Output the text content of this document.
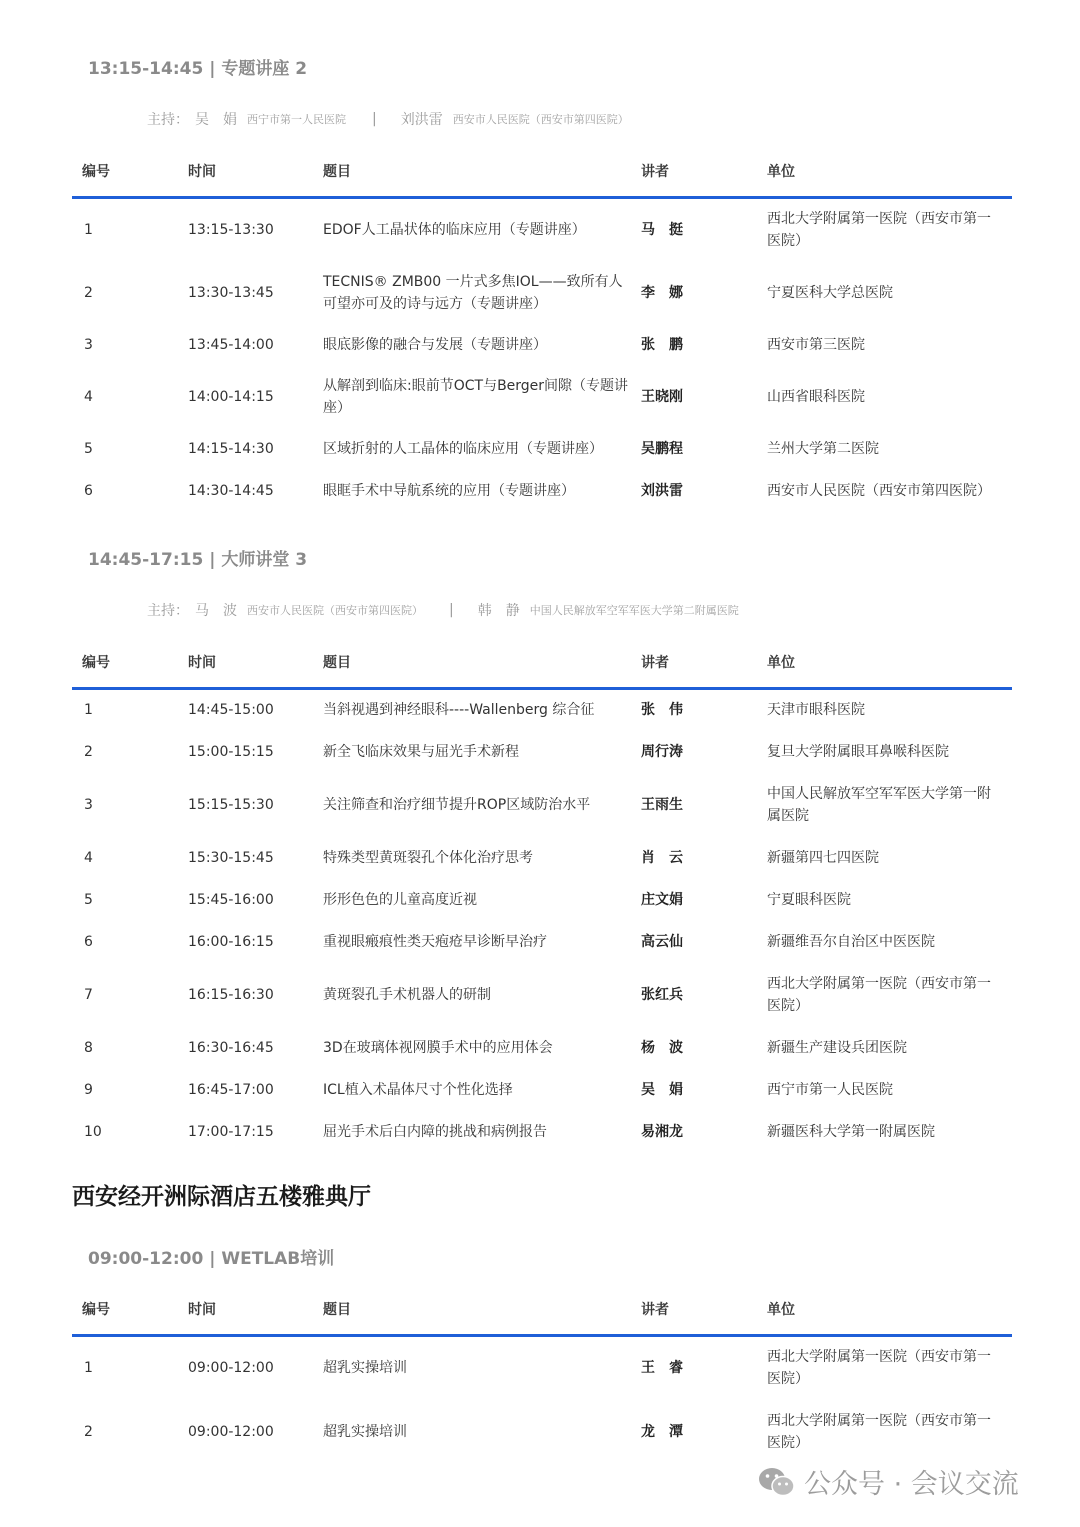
13:15-14:45 | 专题讲座 2
主持： 吴　娟 西宁市第一人民医院 | 刘洪雷 西安市人民医院（西安市第四医院）
编号	时间	题目	讲者	单位
1	13:15-13:30	EDOF人工晶状体的临床应用（专题讲座）	马　挺	西北大学附属第一医院（西安市第一医院）
2	13:30-13:45	TECNIS® ZMB00 一片式多焦IOL——致所有人可望亦可及的诗与远方（专题讲座）	李　娜	宁夏医科大学总医院
3	13:45-14:00	眼底影像的融合与发展（专题讲座）	张　鹏	西安市第三医院
4	14:00-14:15	从解剖到临床:眼前节OCT与Berger间隙（专题讲座）	王晓刚	山西省眼科医院
5	14:15-14:30	区域折射的人工晶体的临床应用（专题讲座）	吴鹏程	兰州大学第二医院
6	14:30-14:45	眼眶手术中导航系统的应用（专题讲座）	刘洪雷	西安市人民医院（西安市第四医院）
14:45-17:15 | 大师讲堂 3
主持： 马　波 西安市人民医院（西安市第四医院） | 韩　静 中国人民解放军空军军医大学第二附属医院
编号	时间	题目	讲者	单位
1	14:45-15:00	当斜视遇到神经眼科----Wallenberg 综合征	张　伟	天津市眼科医院
2	15:00-15:15	新全飞临床效果与屈光手术新程	周行涛	复旦大学附属眼耳鼻喉科医院
3	15:15-15:30	关注筛查和治疗细节提升ROP区域防治水平	王雨生	中国人民解放军空军军医大学第一附属医院
4	15:30-15:45	特殊类型黄斑裂孔个体化治疗思考	肖　云	新疆第四七四医院
5	15:45-16:00	形形色色的儿童高度近视	庄文娟	宁夏眼科医院
6	16:00-16:15	重视眼瘢痕性类天疱疮早诊断早治疗	高云仙	新疆维吾尔自治区中医医院
7	16:15-16:30	黄斑裂孔手术机器人的研制	张红兵	西北大学附属第一医院（西安市第一医院）
8	16:30-16:45	3D在玻璃体视网膜手术中的应用体会	杨　波	新疆生产建设兵团医院
9	16:45-17:00	ICL植入术晶体尺寸个性化选择	吴　娟	西宁市第一人民医院
10	17:00-17:15	屈光手术后白内障的挑战和病例报告	易湘龙	新疆医科大学第一附属医院
西安经开洲际酒店五楼雅典厅
09:00-12:00 | WETLAB培训
编号	时间	题目	讲者	单位
1	09:00-12:00	超乳实操培训	王　睿	西北大学附属第一医院（西安市第一医院）
2	09:00-12:00	超乳实操培训	龙　潭	西北大学附属第一医院（西安市第一医院）
公众号 · 会议交流
